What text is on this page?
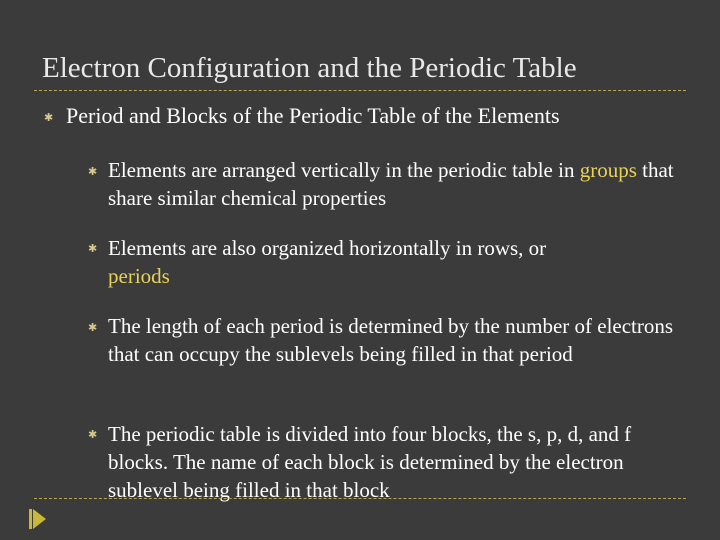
Electron Configuration and the Periodic Table
✱ Period and Blocks of the Periodic Table of the Elements
✱ Elements are arranged vertically in the periodic table in groups that share similar chemical properties
✱ Elements are also organized horizontally in rows, or periods
✱ The length of each period is determined by the number of electrons that can occupy the sublevels being filled in that period
✱ The periodic table is divided into four blocks, the s, p, d, and f blocks. The name of each block is determined by the electron sublevel being filled in that block
